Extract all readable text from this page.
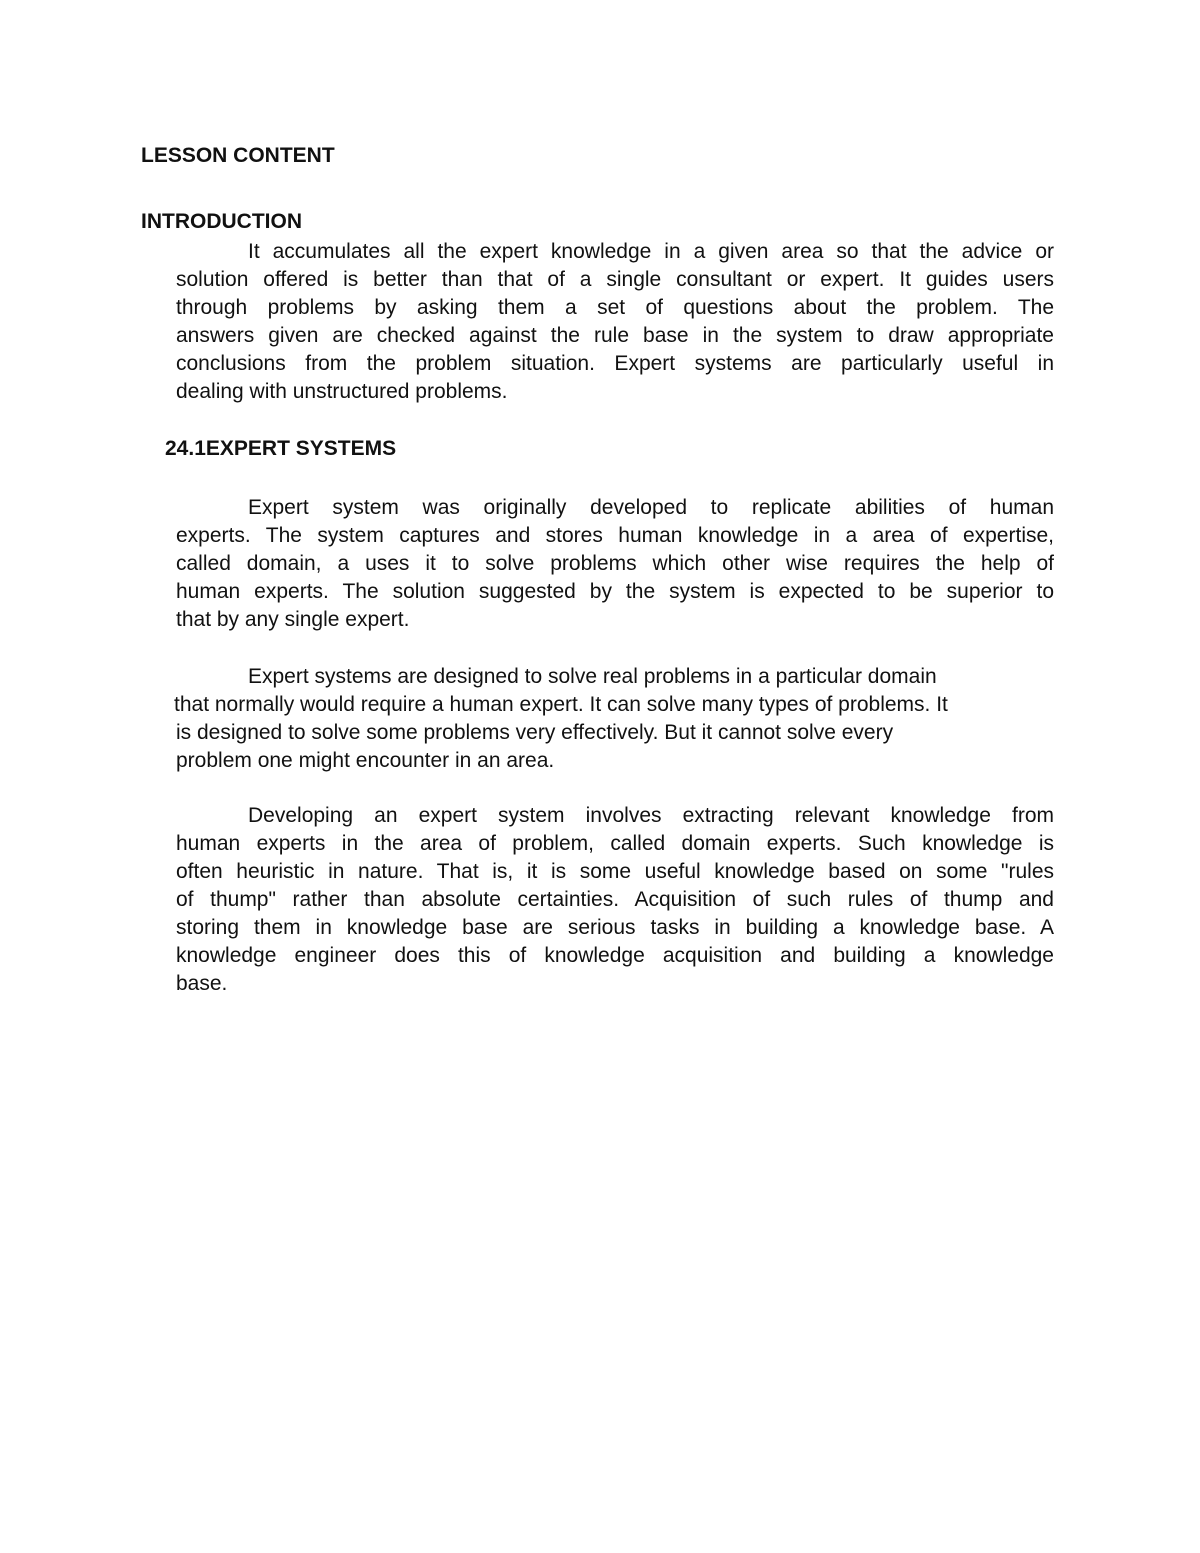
LESSON CONTENT
INTRODUCTION
It accumulates all the expert knowledge in a given area so that the advice or
solution offered is better than that of a single consultant or expert. It guides users
through problems by asking them a set of questions about the problem. The
answers given are checked against the rule base in the system to draw appropriate
conclusions from the problem situation. Expert systems are particularly useful in
dealing with unstructured problems.
24.1EXPERT SYSTEMS
Expert system was originally developed to replicate abilities of human
experts. The system captures and stores human knowledge in a area of expertise,
called domain, a uses it to solve problems which other wise requires the help of
human experts. The solution suggested by the system is expected to be superior to
that by any single expert.
Expert systems are designed to solve real problems in a particular domain
that normally would require a human expert. It can solve many types of problems. It
is designed to solve some problems very effectively. But it cannot solve every
problem one might encounter in an area.
Developing an expert system involves extracting relevant knowledge from
human experts in the area of problem, called domain experts. Such knowledge is
often heuristic in nature. That is, it is some useful knowledge based on some "rules
of thump" rather than absolute certainties. Acquisition of such rules of thump and
storing them in knowledge base are serious tasks in building a knowledge base. A
knowledge engineer does this of knowledge acquisition and building a knowledge
base.
